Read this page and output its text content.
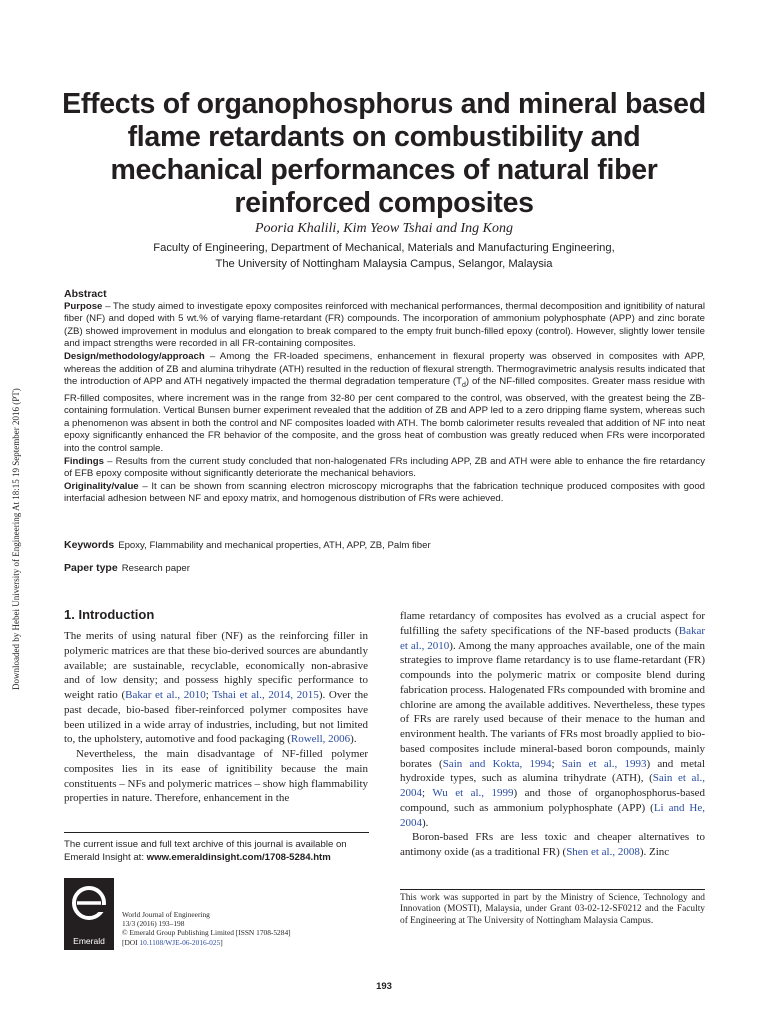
Effects of organophosphorus and mineral based flame retardants on combustibility and mechanical performances of natural fiber reinforced composites
Pooria Khalili, Kim Yeow Tshai and Ing Kong
Faculty of Engineering, Department of Mechanical, Materials and Manufacturing Engineering,
The University of Nottingham Malaysia Campus, Selangor, Malaysia
Abstract

Purpose – The study aimed to investigate epoxy composites reinforced with mechanical performances, thermal decomposition and ignitibility of natural fiber (NF) and doped with 5 wt.% of varying flame-retardant (FR) compounds. The incorporation of ammonium polyphosphate (APP) and zinc borate (ZB) showed improvement in modulus and elongation to break compared to the empty fruit bunch-filled epoxy (control). However, slightly lower tensile and impact strengths were recorded in all FR-containing composites.

Design/methodology/approach – Among the FR-loaded specimens, enhancement in flexural property was observed in composites with APP, whereas the addition of ZB and alumina trihydrate (ATH) resulted in the reduction of flexural strength. Thermogravimetric analysis results indicated that the introduction of APP and ATH negatively impacted the thermal degradation temperature $(T_d)$ of the NF-filled composites. Greater mass residue with FR-filled composites, where increment was in the range from 32-80 per cent compared to the control, was observed, with the greatest being the ZB-containing formulation. Vertical Bunsen burner experiment revealed that the addition of ZB and APP led to a zero dripping flame system, whereas such a phenomenon was absent in both the control and NF composites loaded with ATH. The bomb calorimeter results revealed that addition of NF into neat epoxy significantly enhanced the FR behavior of the composite, and the gross heat of combustion was greatly reduced when FRs were incorporated into the control sample.

Findings – Results from the current study concluded that non-halogenated FRs including APP, ZB and ATH were able to enhance the fire retardancy of EFB epoxy composite without significantly deteriorate the mechanical behaviors.

Originality/value – It can be shown from scanning electron microscopy micrographs that the fabrication technique produced composites with good interfacial adhesion between NF and epoxy matrix, and homogenous distribution of FRs were achieved.

Keywords Epoxy, Flammability and mechanical properties, ATH, APP, ZB, Palm fiber
Paper type Research paper
1. Introduction

The merits of using natural fiber (NF) as the reinforcing filler in polymeric matrices are that these bio-derived sources are abundantly available; are sustainable, recyclable, economically non-abrasive and of low density; and possess highly specific performance to weight ratio (Bakar et al., 2010; Tshai et al., 2014, 2015). Over the past decade, bio-based fiber-reinforced polymer composites have been utilized in a wide array of industries, including, but not limited to, the upholstery, automotive and food packaging (Rowell, 2006).

Nevertheless, the main disadvantage of NF-filled polymer composites lies in its ease of ignitibility because the main constituents – NFs and polymeric matrices – show high flammability properties in nature. Therefore, enhancement in the

flame retardancy of composites has evolved as a crucial aspect for fulfilling the safety specifications of the NF-based products (Bakar et al., 2010). Among the many approaches available, one of the main strategies to improve flame retardancy is to use flame-retardant (FR) compounds into the polymeric matrix or composite blend during fabrication process. Halogenated FRs compounded with bromine and chlorine are among the available additives. Nevertheless, these types of FRs are rarely used because of their menace to the human and environment health. The variants of FRs most broadly applied to bio-based composites include mineral-based boron compounds, mainly borates (Sain and Kokta, 1994; Sain et al., 1993) and metal hydroxide types, such as alumina trihydrate (ATH), (Sain et al., 2004; Wu et al., 1999) and those of organophosphorus-based compound, such as ammonium polyphosphate (APP) (Li and He, 2004).

Boron-based FRs are less toxic and cheaper alternatives to antimony oxide (as a traditional FR) (Shen et al., 2008). Zinc

The current issue and full text archive of this journal is available on
Emerald Insight at: www.emeraldinsight.com/1708-5284.htm
Emerald
World Journal of Engineering
13/3 (2016) 193–198
© Emerald Group Publishing Limited [ISSN 1708-5284]
[DOI 10.1108/WJE-06-2016-025]
This work was supported in part by the Ministry of Science, Technology and Innovation (MOSTI), Malaysia, under Grant 03-02-12-SF0212 and the Faculty of Engineering at The University of Nottingham Malaysia Campus.
193
Downloaded by Hebei University of Engineering At 18:15 19 September 2016 (PT)
